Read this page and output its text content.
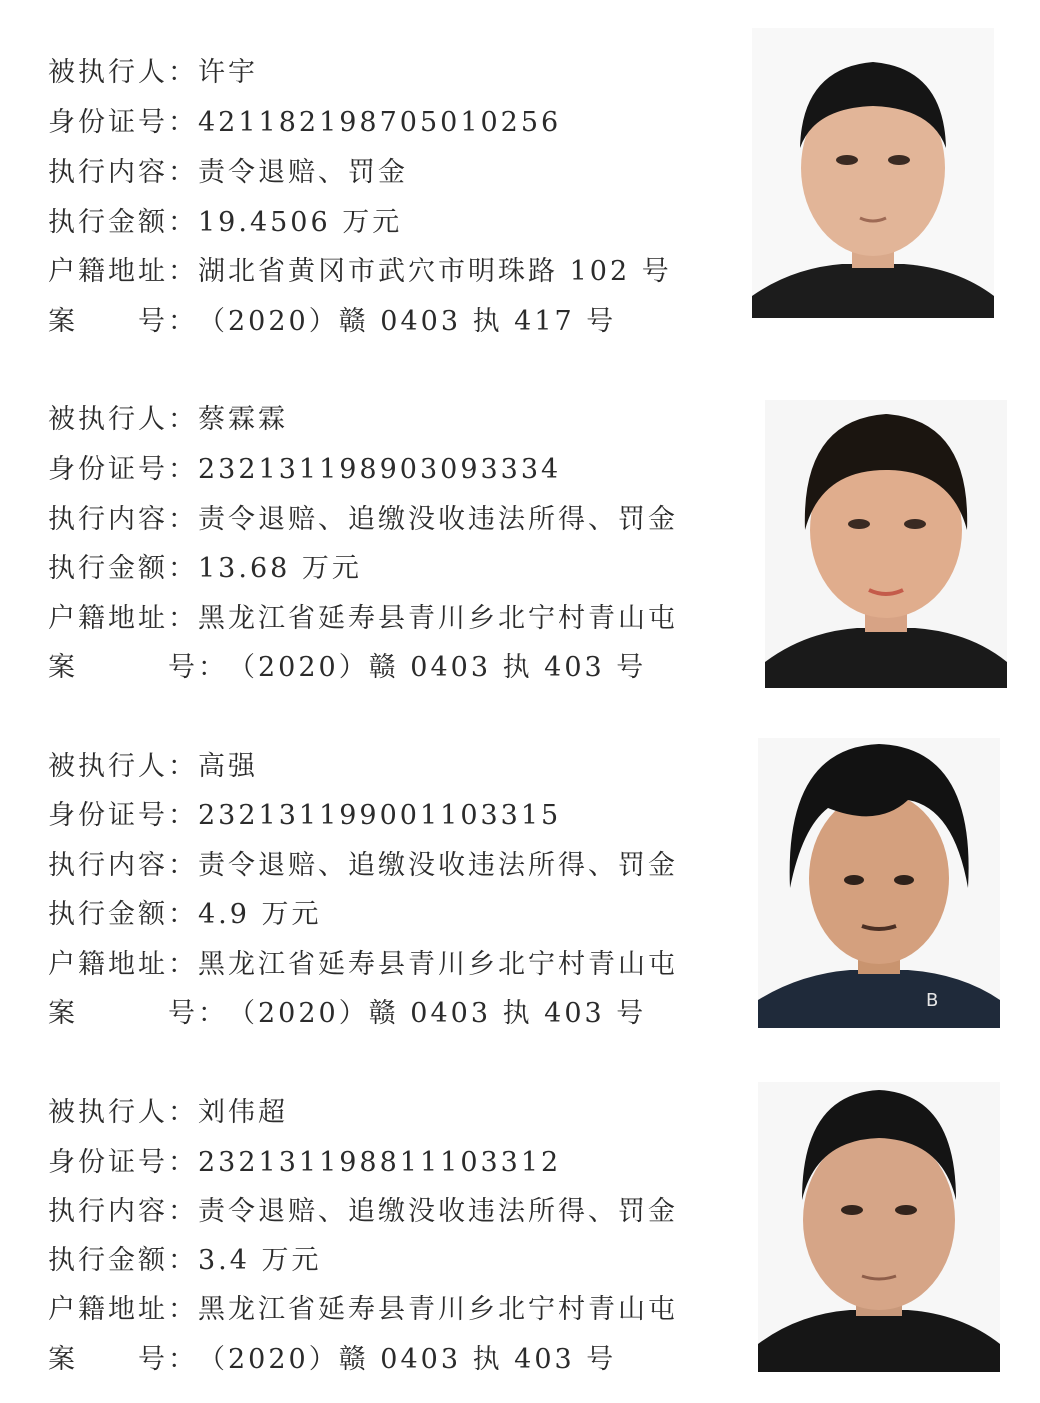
被执行人：许宇
身份证号：421182198705010256
执行内容：责令退赔、罚金
执行金额：19.4506 万元
户籍地址：湖北省黄冈市武穴市明珠路 102 号
案　　号：（2020）赣 0403 执 417 号
被执行人：蔡霖霖
身份证号：232131198903093334
执行内容：责令退赔、追缴没收违法所得、罚金
执行金额：13.68 万元
户籍地址：黑龙江省延寿县青川乡北宁村青山屯
案　　　号：（2020）赣 0403 执 403 号
被执行人：高强
身份证号：232131199001103315
执行内容：责令退赔、追缴没收违法所得、罚金
执行金额：4.9 万元
户籍地址：黑龙江省延寿县青川乡北宁村青山屯
案　　　号：（2020）赣 0403 执 403 号	B
被执行人：刘伟超
身份证号：232131198811103312
执行内容：责令退赔、追缴没收违法所得、罚金
执行金额：3.4 万元
户籍地址：黑龙江省延寿县青川乡北宁村青山屯
案　　号：（2020）赣 0403 执 403 号
